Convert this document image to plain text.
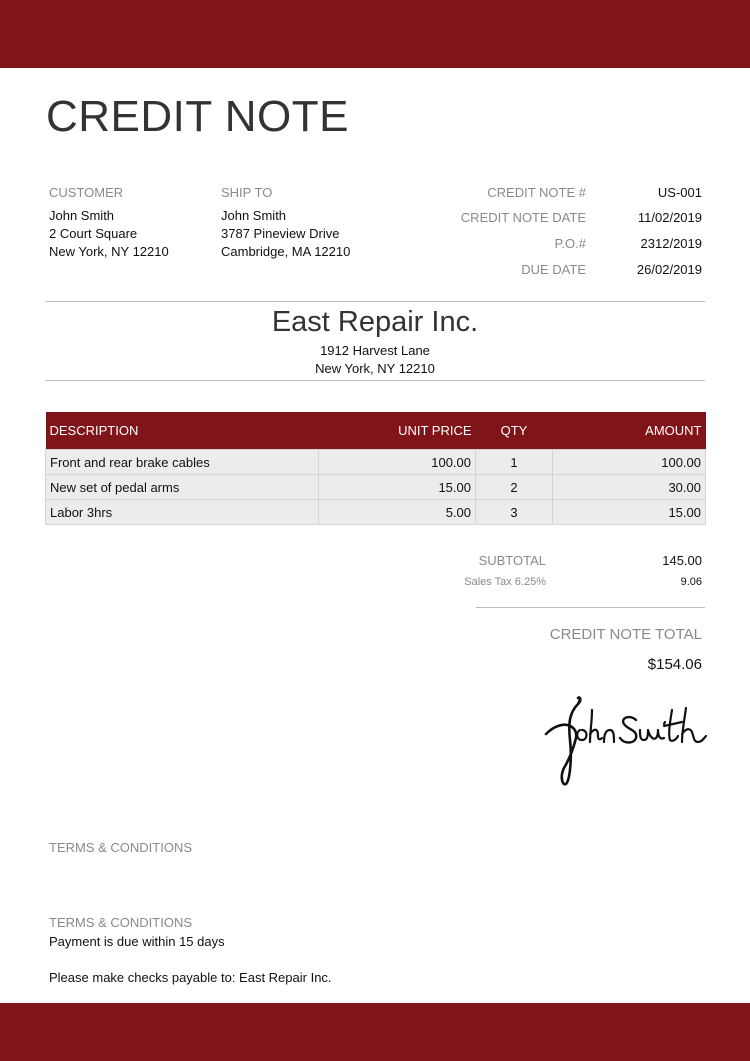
CREDIT NOTE
CUSTOMER
John Smith
2 Court Square
New York, NY 12210
SHIP TO
John Smith
3787 Pineview Drive
Cambridge, MA 12210
CREDIT NOTE #	US-001
CREDIT NOTE DATE	11/02/2019
P.O.#	2312/2019
DUE DATE	26/02/2019
East Repair Inc.
1912 Harvest Lane
New York, NY 12210
DESCRIPTION	UNIT PRICE	QTY	AMOUNT
Front and rear brake cables	100.00	1	100.00
New set of pedal arms	15.00	2	30.00
Labor 3hrs	5.00	3	15.00
SUBTOTAL	145.00
Sales Tax 6.25%	9.06
CREDIT NOTE TOTAL
$154.06
TERMS & CONDITIONS
TERMS & CONDITIONS
Payment is due within 15 days
Please make checks payable to: East Repair Inc.
